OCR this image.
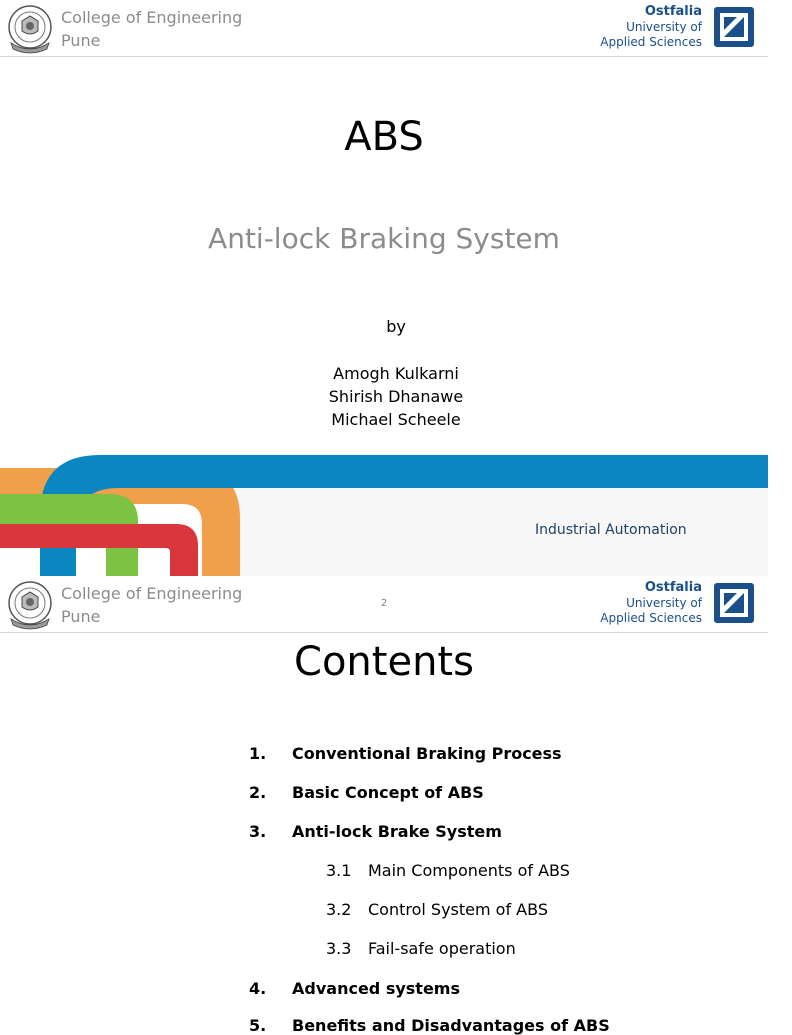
College of Engineering
Pune
Ostfalia
University of
Applied Sciences
ABS
Anti-lock Braking System
by
Amogh Kulkarni
Shirish Dhanawe
Michael Scheele
Industrial Automation
College of Engineering
Pune
2
Ostfalia
University of
Applied Sciences
Contents
1. Conventional Braking Process
2. Basic Concept of ABS
3. Anti-lock Brake System
3.1 Main Components of ABS
3.2 Control System of ABS
3.3 Fail-safe operation
4. Advanced systems
5. Benefits and Disadvantages of ABS
